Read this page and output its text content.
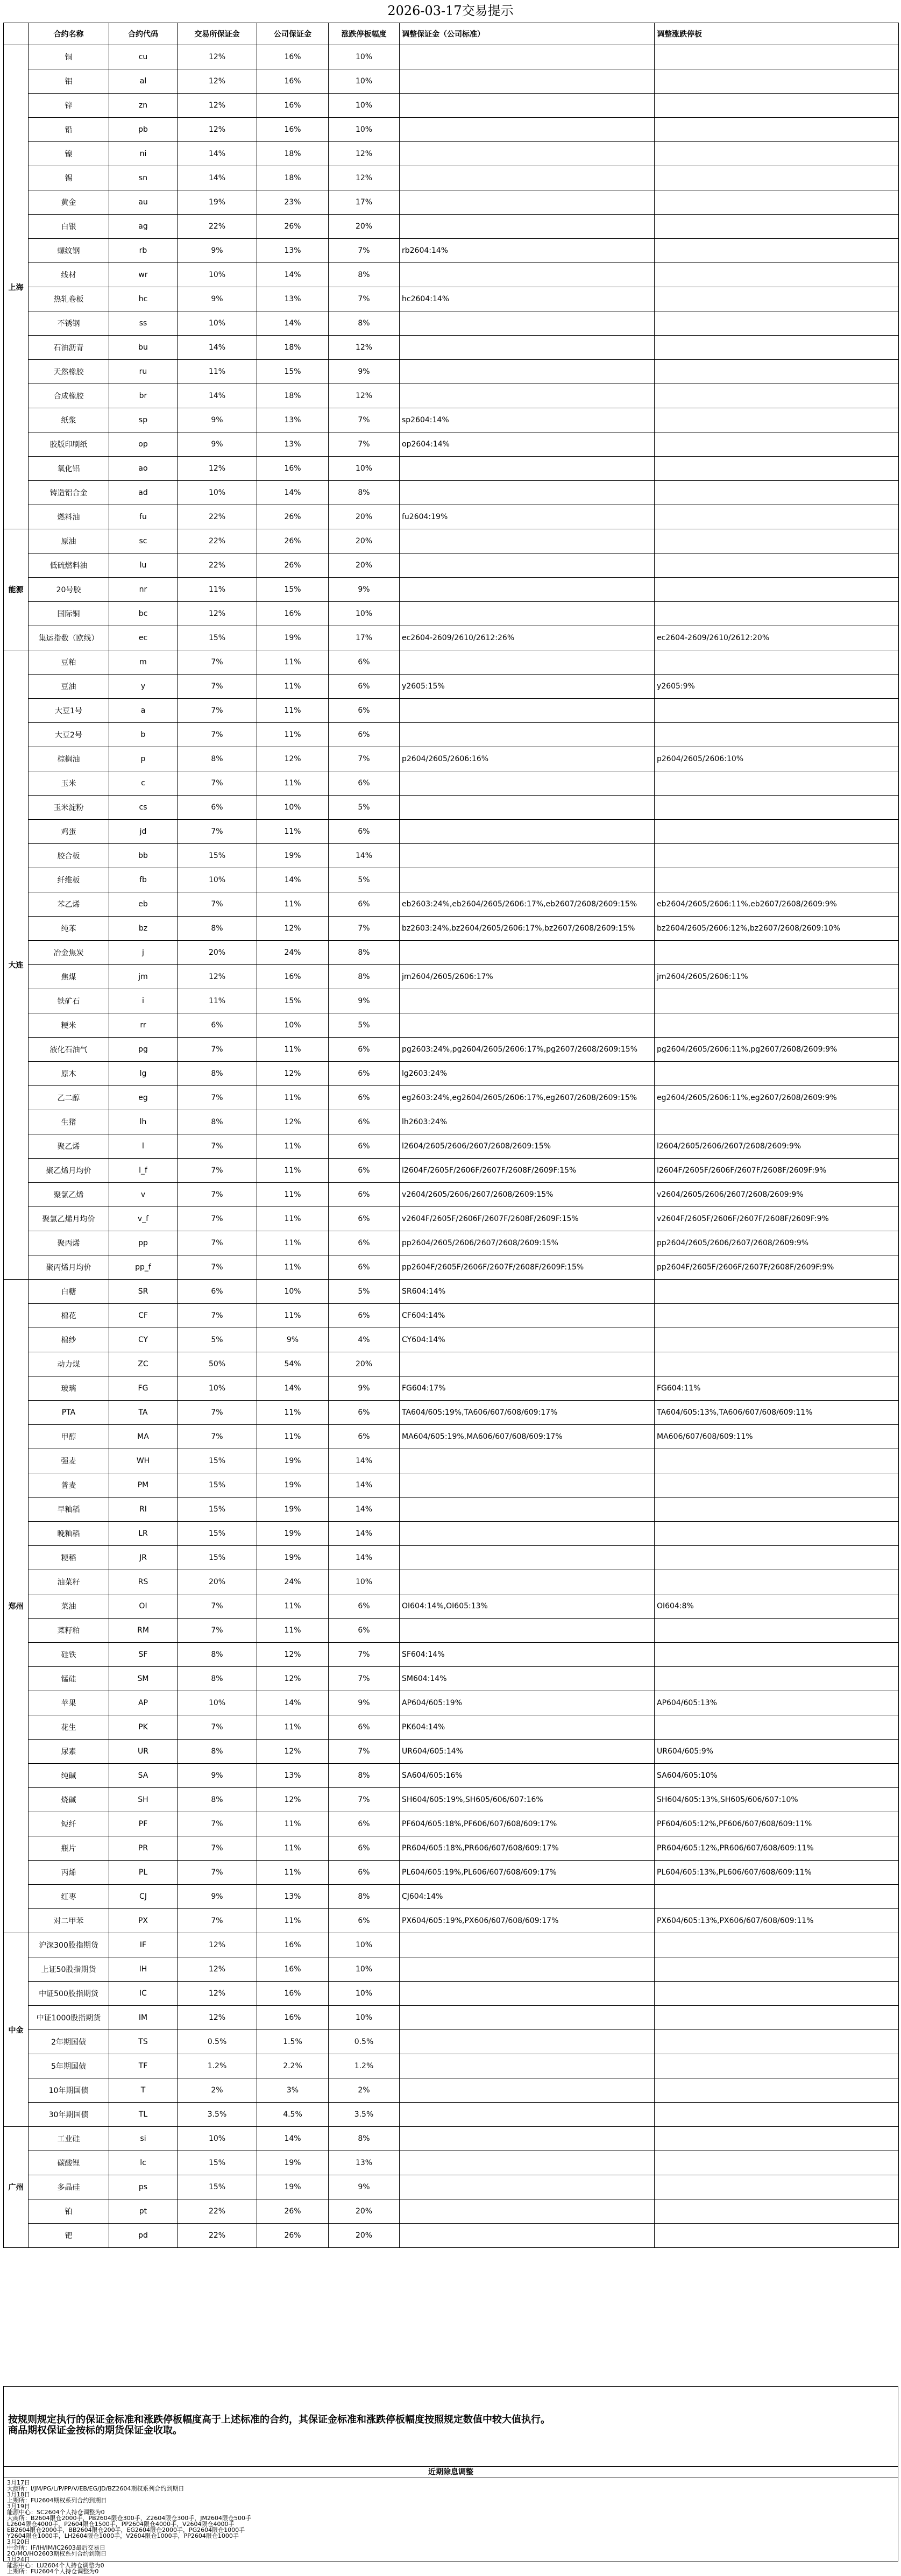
2026-03-17交易提示
	合约名称	合约代码	交易所保证金	公司保证金	涨跌停板幅度	调整保证金（公司标准）	调整涨跌停板
上海	铜	cu	12%	16%	10%		
	铝	al	12%	16%	10%		
	锌	zn	12%	16%	10%		
	铅	pb	12%	16%	10%		
	镍	ni	14%	18%	12%		
	锡	sn	14%	18%	12%		
	黄金	au	19%	23%	17%		
	白银	ag	22%	26%	20%		
	螺纹钢	rb	9%	13%	7%	rb2604:14%	
	线材	wr	10%	14%	8%		
	热轧卷板	hc	9%	13%	7%	hc2604:14%	
	不锈钢	ss	10%	14%	8%		
	石油沥青	bu	14%	18%	12%		
	天然橡胶	ru	11%	15%	9%		
	合成橡胶	br	14%	18%	12%		
	纸浆	sp	9%	13%	7%	sp2604:14%	
	胶版印刷纸	op	9%	13%	7%	op2604:14%	
	氧化铝	ao	12%	16%	10%		
	铸造铝合金	ad	10%	14%	8%		
	燃料油	fu	22%	26%	20%	fu2604:19%	
能源	原油	sc	22%	26%	20%		
	低硫燃料油	lu	22%	26%	20%		
	20号胶	nr	11%	15%	9%		
	国际铜	bc	12%	16%	10%		
	集运指数（欧线）	ec	15%	19%	17%	ec2604-2609/2610/2612:26%	ec2604-2609/2610/2612:20%
大连	豆粕	m	7%	11%	6%		
	豆油	y	7%	11%	6%	y2605:15%	y2605:9%
	大豆1号	a	7%	11%	6%		
	大豆2号	b	7%	11%	6%		
	棕榈油	p	8%	12%	7%	p2604/2605/2606:16%	p2604/2605/2606:10%
	玉米	c	7%	11%	6%		
	玉米淀粉	cs	6%	10%	5%		
	鸡蛋	jd	7%	11%	6%		
	胶合板	bb	15%	19%	14%		
	纤维板	fb	10%	14%	5%		
	苯乙烯	eb	7%	11%	6%	eb2603:24%,eb2604/2605/2606:17%,eb2607/2608/2609:15%	eb2604/2605/2606:11%,eb2607/2608/2609:9%
	纯苯	bz	8%	12%	7%	bz2603:24%,bz2604/2605/2606:17%,bz2607/2608/2609:15%	bz2604/2605/2606:12%,bz2607/2608/2609:10%
	冶金焦炭	j	20%	24%	8%		
	焦煤	jm	12%	16%	8%	jm2604/2605/2606:17%	jm2604/2605/2606:11%
	铁矿石	i	11%	15%	9%		
	粳米	rr	6%	10%	5%		
	液化石油气	pg	7%	11%	6%	pg2603:24%,pg2604/2605/2606:17%,pg2607/2608/2609:15%	pg2604/2605/2606:11%,pg2607/2608/2609:9%
	原木	lg	8%	12%	6%	lg2603:24%	
	乙二醇	eg	7%	11%	6%	eg2603:24%,eg2604/2605/2606:17%,eg2607/2608/2609:15%	eg2604/2605/2606:11%,eg2607/2608/2609:9%
	生猪	lh	8%	12%	6%	lh2603:24%	
	聚乙烯	l	7%	11%	6%	l2604/2605/2606/2607/2608/2609:15%	l2604/2605/2606/2607/2608/2609:9%
	聚乙烯月均价	l_f	7%	11%	6%	l2604F/2605F/2606F/2607F/2608F/2609F:15%	l2604F/2605F/2606F/2607F/2608F/2609F:9%
	聚氯乙烯	v	7%	11%	6%	v2604/2605/2606/2607/2608/2609:15%	v2604/2605/2606/2607/2608/2609:9%
	聚氯乙烯月均价	v_f	7%	11%	6%	v2604F/2605F/2606F/2607F/2608F/2609F:15%	v2604F/2605F/2606F/2607F/2608F/2609F:9%
	聚丙烯	pp	7%	11%	6%	pp2604/2605/2606/2607/2608/2609:15%	pp2604/2605/2606/2607/2608/2609:9%
	聚丙烯月均价	pp_f	7%	11%	6%	pp2604F/2605F/2606F/2607F/2608F/2609F:15%	pp2604F/2605F/2606F/2607F/2608F/2609F:9%
郑州	白糖	SR	6%	10%	5%	SR604:14%	
	棉花	CF	7%	11%	6%	CF604:14%	
	棉纱	CY	5%	9%	4%	CY604:14%	
	动力煤	ZC	50%	54%	20%		
	玻璃	FG	10%	14%	9%	FG604:17%	FG604:11%
	PTA	TA	7%	11%	6%	TA604/605:19%,TA606/607/608/609:17%	TA604/605:13%,TA606/607/608/609:11%
	甲醇	MA	7%	11%	6%	MA604/605:19%,MA606/607/608/609:17%	MA606/607/608/609:11%
	强麦	WH	15%	19%	14%		
	普麦	PM	15%	19%	14%		
	早籼稻	RI	15%	19%	14%		
	晚籼稻	LR	15%	19%	14%		
	粳稻	JR	15%	19%	14%		
	油菜籽	RS	20%	24%	10%		
	菜油	OI	7%	11%	6%	OI604:14%,OI605:13%	OI604:8%
	菜籽粕	RM	7%	11%	6%		
	硅铁	SF	8%	12%	7%	SF604:14%	
	锰硅	SM	8%	12%	7%	SM604:14%	
	苹果	AP	10%	14%	9%	AP604/605:19%	AP604/605:13%
	花生	PK	7%	11%	6%	PK604:14%	
	尿素	UR	8%	12%	7%	UR604/605:14%	UR604/605:9%
	纯碱	SA	9%	13%	8%	SA604/605:16%	SA604/605:10%
	烧碱	SH	8%	12%	7%	SH604/605:19%,SH605/606/607:16%	SH604/605:13%,SH605/606/607:10%
	短纤	PF	7%	11%	6%	PF604/605:18%,PF606/607/608/609:17%	PF604/605:12%,PF606/607/608/609:11%
	瓶片	PR	7%	11%	6%	PR604/605:18%,PR606/607/608/609:17%	PR604/605:12%,PR606/607/608/609:11%
	丙烯	PL	7%	11%	6%	PL604/605:19%,PL606/607/608/609:17%	PL604/605:13%,PL606/607/608/609:11%
	红枣	CJ	9%	13%	8%	CJ604:14%	
	对二甲苯	PX	7%	11%	6%	PX604/605:19%,PX606/607/608/609:17%	PX604/605:13%,PX606/607/608/609:11%
中金	沪深300股指期货	IF	12%	16%	10%		
	上证50股指期货	IH	12%	16%	10%		
	中证500股指期货	IC	12%	16%	10%		
	中证1000股指期货	IM	12%	16%	10%		
	2年期国债	TS	0.5%	1.5%	0.5%		
	5年期国债	TF	1.2%	2.2%	1.2%		
	10年期国债	T	2%	3%	2%		
	30年期国债	TL	3.5%	4.5%	3.5%		
广州	工业硅	si	10%	14%	8%		
	碳酸锂	lc	15%	19%	13%		
	多晶硅	ps	15%	19%	9%		
	铂	pt	22%	26%	20%		
	钯	pd	22%	26%	20%		
按规则规定执行的保证金标准和涨跌停板幅度高于上述标准的合约，其保证金标准和涨跌停板幅度按照规定数值中较大值执行。
商品期权保证金按标的期货保证金收取。
近期除息调整
3月17日
大商所：l/JM/PG/L/P/PP/V/EB/EG/JD/BZ2604期权系列合约到期日
3月18日
上期所：FU2604期权系列合约到期日
3月19日
能源中心：SC2604个人持仓调整为0
大商所：B2604限仓2000手，PB2604限仓300手，Z2604限仓300手，JM2604限仓500手
L2604限仓4000手，P2604限仓1500手，PP2604限仓4000手，V2604限仓4000手
EB2604限仓2000手，BB2604限仓200手，EG2604限仓2000手，PG2604限仓1000手
Y2604限仓1000手，LH2604限仓1000手，V2604限仓1000手，PP2604限仓1000手
3月20日
中金所：IF/IH/IM/IC2603最后交易日
2O/MO/HO2603期权系列合约到期日
3月24日
能源中心：LU2604个人持仓调整为0
上期所：FU2604个人持仓调整为0
